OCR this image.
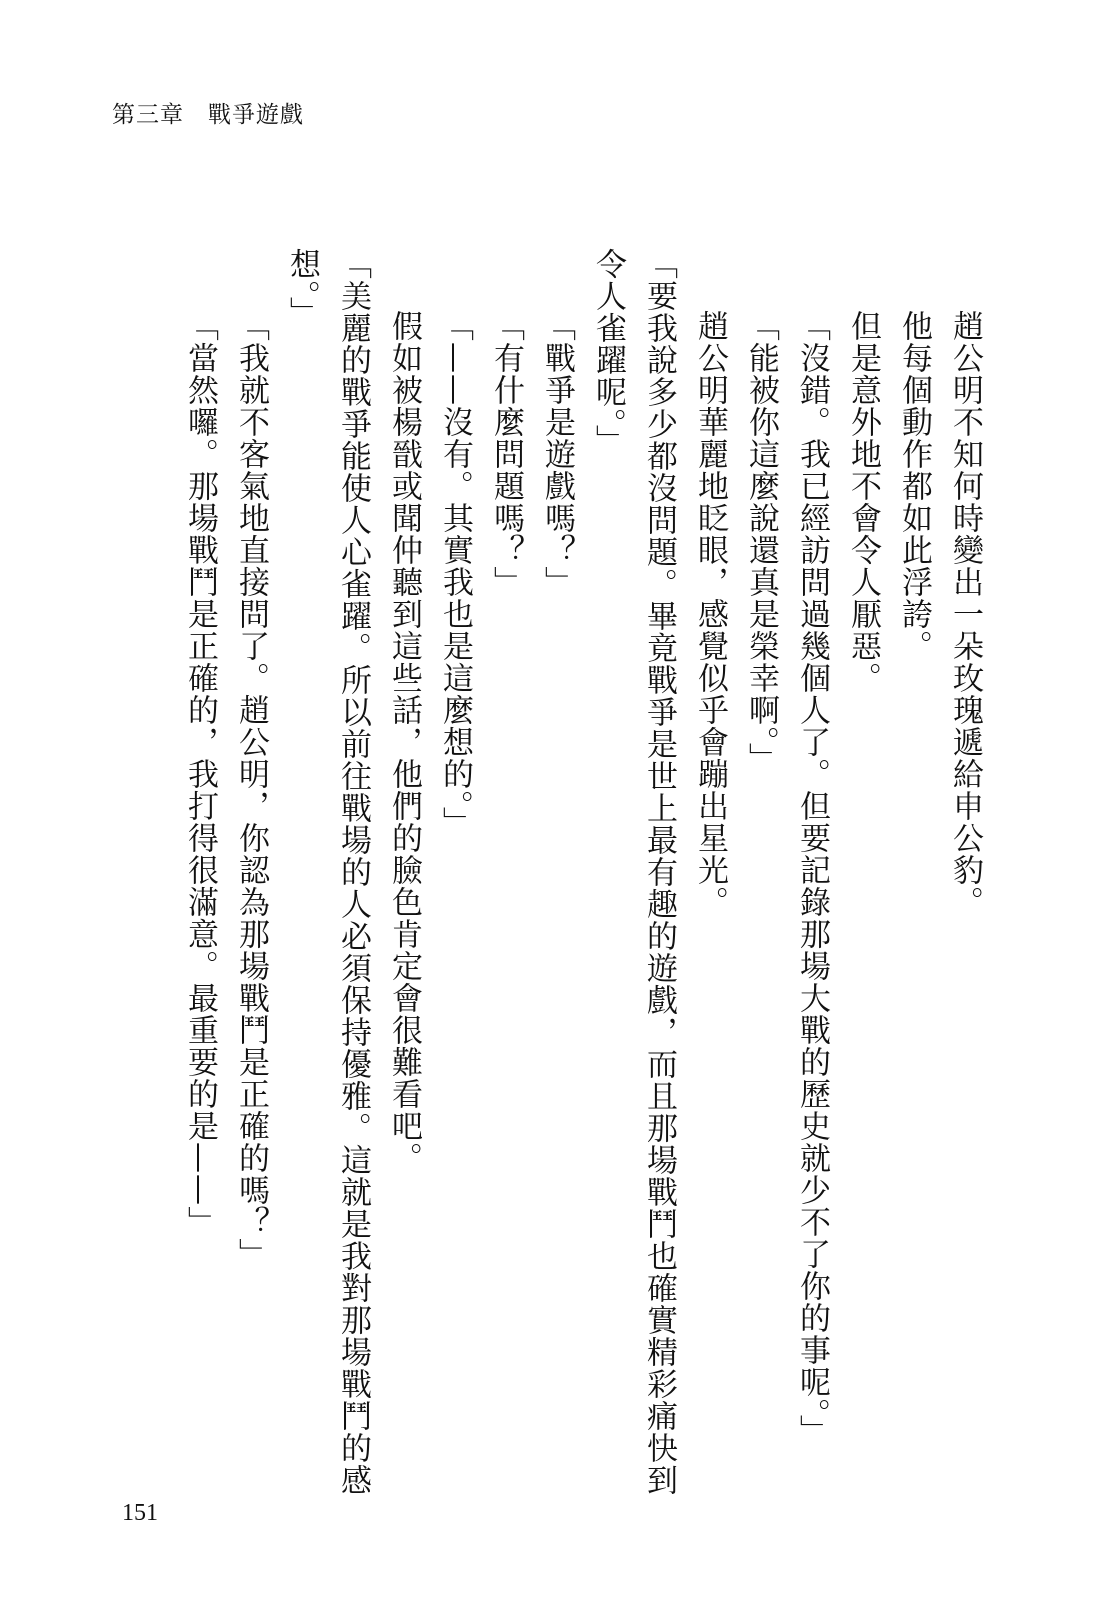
第三章 戰爭遊戲

趙公明不知何時變出一朵玫瑰遞給申公豹。

他每個動作都如此浮誇。

但是意外地不會令人厭惡。

「沒錯。我已經訪問過幾個人了。但要記錄那場大戰的歷史就少不了你的事呢。」

「能被你這麼說還真是榮幸啊。」

趙公明華麗地眨眼，感覺似乎會蹦出星光。

「要我說多少都沒問題。畢竟戰爭是世上最有趣的遊戲，而且那場戰鬥也確實精彩痛快到令人雀躍呢。」

「戰爭是遊戲嗎？」

「有什麼問題嗎？」

「——沒有。其實我也是這麼想的。」

假如被楊戩或聞仲聽到這些話，他們的臉色肯定會很難看吧。

「美麗的戰爭能使人心雀躍。所以前往戰場的人必須保持優雅。這就是我對那場戰鬥的感想。」

「我就不客氣地直接問了。趙公明，你認為那場戰鬥是正確的嗎？」

「當然囉。那場戰鬥是正確的，我打得很滿意。最重要的是——」

151
